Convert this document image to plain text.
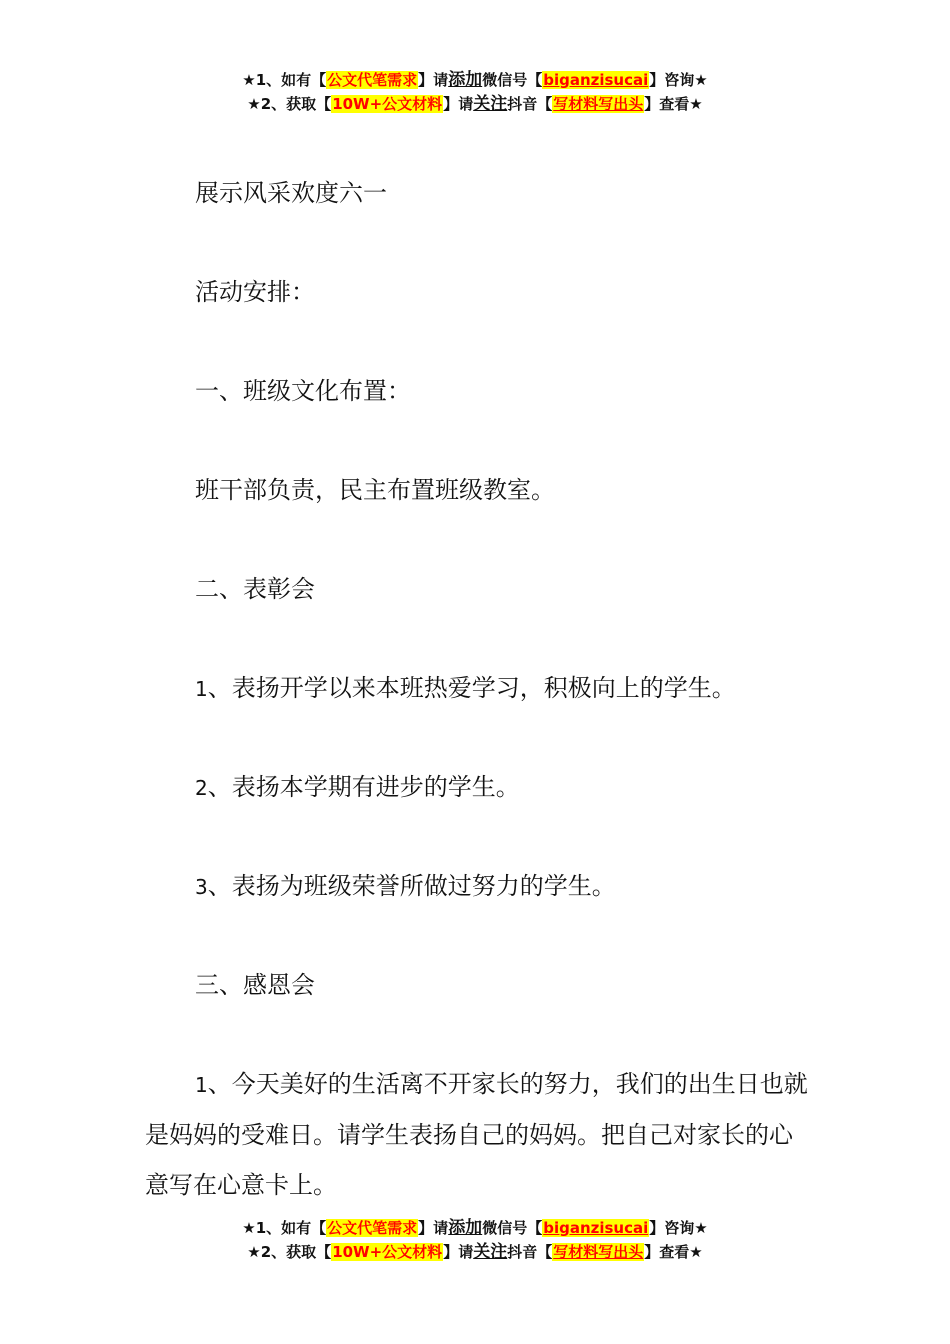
★1、如有【公文代笔需求】请添加微信号【biganzisucai】咨询★
★2、获取【10W+公文材料】请关注抖音【写材料写出头】查看★

展示风采欢度六一

活动安排：

一、班级文化布置：

班干部负责，民主布置班级教室。

二、表彰会

1、表扬开学以来本班热爱学习，积极向上的学生。

2、表扬本学期有进步的学生。

3、表扬为班级荣誉所做过努力的学生。

三、感恩会

1、今天美好的生活离不开家长的努力，我们的出生日也就是妈妈的受难日。请学生表扬自己的妈妈。把自己对家长的心意写在心意卡上。

★1、如有【公文代笔需求】请添加微信号【biganzisucai】咨询★
★2、获取【10W+公文材料】请关注抖音【写材料写出头】查看★
